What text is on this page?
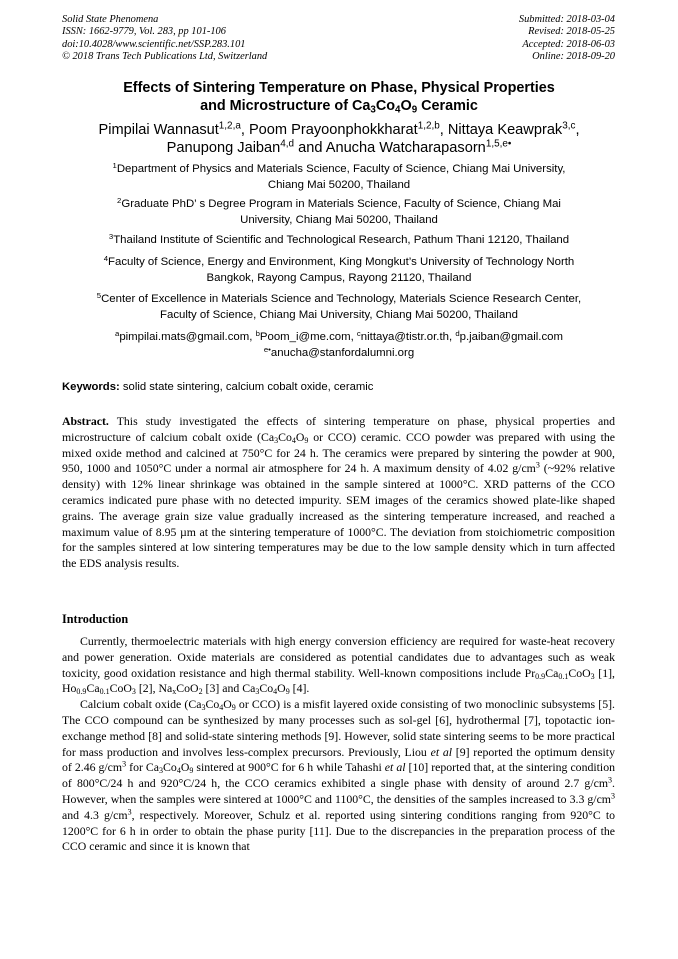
Solid State Phenomena
ISSN: 1662-9779, Vol. 283, pp 101-106
doi:10.4028/www.scientific.net/SSP.283.101
© 2018 Trans Tech Publications Ltd, Switzerland
Submitted: 2018-03-04
Revised: 2018-05-25
Accepted: 2018-06-03
Online: 2018-09-20
Effects of Sintering Temperature on Phase, Physical Properties
and Microstructure of $Ca_3Co_4O_9$ Ceramic
Pimpilai Wannasut$^{1,2,a}$, Poom Prayoonphokkharat$^{1,2,b}$, Nittaya Keawprak$^{3,c}$,
Panupong Jaiban$^{4,d}$ and Anucha Watcharapasorn$^{1,5,e•}$
$^1$Department of Physics and Materials Science, Faculty of Science, Chiang Mai University,
Chiang Mai 50200, Thailand
$^2$Graduate PhD’ s Degree Program in Materials Science, Faculty of Science, Chiang Mai
University, Chiang Mai 50200, Thailand
$^3$Thailand Institute of Scientific and Technological Research, Pathum Thani 12120, Thailand
$^4$Faculty of Science, Energy and Environment, King Mongkut’s University of Technology North
Bangkok, Rayong Campus, Rayong 21120, Thailand
$^5$Center of Excellence in Materials Science and Technology, Materials Science Research Center,
Faculty of Science, Chiang Mai University, Chiang Mai 50200, Thailand
$^a$pimpilai.mats@gmail.com, $^b$Poom_i@me.com, $^c$nittaya@tistr.or.th, $^d$p.jaiban@gmail.com
$^{e•}$anucha@stanfordalumni.org
Keywords: solid state sintering, calcium cobalt oxide, ceramic
Abstract. This study investigated the effects of sintering temperature on phase, physical properties and microstructure of calcium cobalt oxide ($Ca_3Co_4O_9$ or CCO) ceramic. CCO powder was prepared with using the mixed oxide method and calcined at 750°C for 24 h. The ceramics were prepared by sintering the powder at 900, 950, 1000 and 1050°C under a normal air atmosphere for 24 h. A maximum density of 4.02 $g/cm^3$ (~92% relative density) with 12% linear shrinkage was obtained in the sample sintered at 1000°C. XRD patterns of the CCO ceramics indicated pure phase with no detected impurity. SEM images of the ceramics showed plate-like shaped grains. The average grain size value gradually increased as the sintering temperature increased, and reached a maximum value of 8.95 µm at the sintering temperature of 1000°C. The deviation from stoichiometric composition for the samples sintered at low sintering temperatures may be due to the low sample density which in turn affected the EDS analysis results.
Introduction

Currently, thermoelectric materials with high energy conversion efficiency are required for waste-heat recovery and power generation. Oxide materials are considered as potential candidates due to advantages such as weak toxicity, good oxidation resistance and high thermal stability. Well-known compositions include $Pr_{0.9}Ca_{0.1}CoO_3$ [1], $Ho_{0.9}Ca_{0.1}CoO_3$ [2], $Na_xCoO_2$ [3] and $Ca_3Co_4O_9$ [4].

Calcium cobalt oxide ($Ca_3Co_4O_9$ or CCO) is a misfit layered oxide consisting of two monoclinic subsystems [5]. The CCO compound can be synthesized by many processes such as sol-gel [6], hydrothermal [7], topotactic ion-exchange method [8] and solid-state sintering methods [9]. However, solid state sintering seems to be more practical for mass production and involves less-complex precursors. Previously, Liou et al [9] reported the optimum density of 2.46 $g/cm^3$ for $Ca_3Co_4O_9$ sintered at 900°C for 6 h while Tahashi et al [10] reported that, at the sintering condition of 800°C/24 h and 920°C/24 h, the CCO ceramics exhibited a single phase with density of around 2.7 $g/cm^3$. However, when the samples were sintered at 1000°C and 1100°C, the densities of the samples increased to 3.3 $g/cm^3$ and 4.3 $g/cm^3$, respectively. Moreover, Schulz et al. reported using sintering conditions ranging from 920°C to 1200°C for 6 h in order to obtain the phase purity [11]. Due to the discrepancies in the preparation process of the CCO ceramic and since it is known that
